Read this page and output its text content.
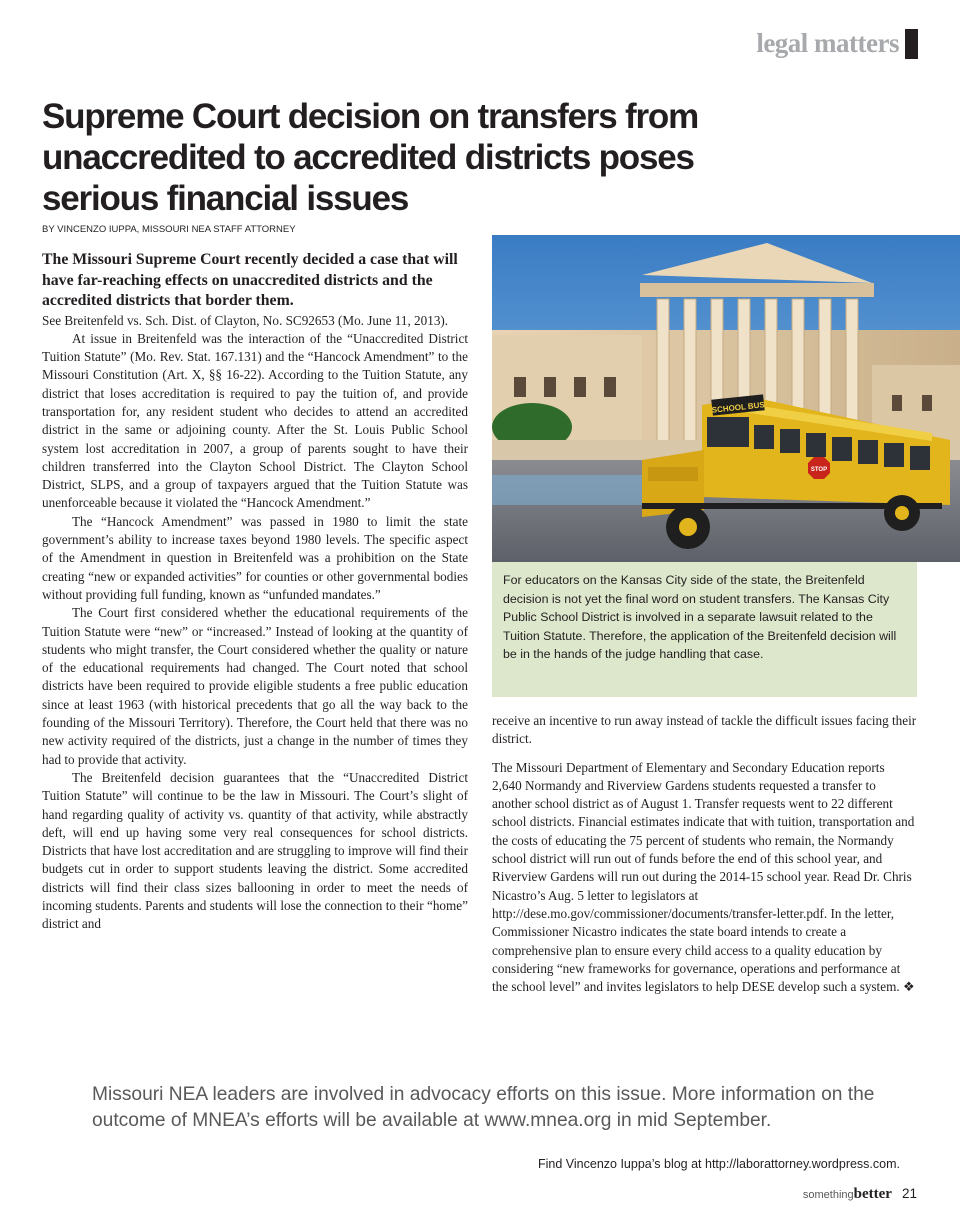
legal matters
Supreme Court decision on transfers from unaccredited to accredited districts poses serious financial issues
BY VINCENZO IUPPA, MISSOURI NEA STAFF ATTORNEY

The Missouri Supreme Court recently decided a case that will have far-reaching effects on unaccredited districts and the accredited districts that border them.

See Breitenfeld vs. Sch. Dist. of Clayton, No. SC92653 (Mo. June 11, 2013).

At issue in Breitenfeld was the interaction of the “Unaccredited District Tuition Statute” (Mo. Rev. Stat. 167.131) and the “Hancock Amendment” to the Missouri Constitution (Art. X, §§ 16-22). According to the Tuition Statute, any district that loses accreditation is required to pay the tuition of, and provide transportation for, any resident student who decides to attend an accredited district in the same or adjoining county. After the St. Louis Public School system lost accreditation in 2007, a group of parents sought to have their children transferred into the Clayton School District. The Clayton School District, SLPS, and a group of taxpayers argued that the Tuition Statute was unenforceable because it violated the “Hancock Amendment.”

The “Hancock Amendment” was passed in 1980 to limit the state government’s ability to increase taxes beyond 1980 levels. The specific aspect of the Amendment in question in Breitenfeld was a prohibition on the State creating “new or expanded activities” for counties or other governmental bodies without providing full funding, known as “unfunded mandates.”

The Court first considered whether the educational requirements of the Tuition Statute were “new” or “increased.” Instead of looking at the quantity of students who might transfer, the Court considered whether the quality or nature of the educational requirements had changed. The Court noted that school districts have been required to provide eligible students a free public education since at least 1963 (with historical precedents that go all the way back to the founding of the Missouri Territory). Therefore, the Court held that there was no new activity required of the districts, just a change in the number of times they had to provide that activity.

The Breitenfeld decision guarantees that the “Unaccredited District Tuition Statute” will continue to be the law in Missouri. The Court’s slight of hand regarding quality of activity vs. quantity of that activity, while abstractly deft, will end up having some very real consequences for school districts. Districts that have lost accreditation and are struggling to improve will find their budgets cut in order to support students leaving the district. Some accredited districts will find their class sizes ballooning in order to meet the needs of incoming students. Parents and students will lose the connection to their “home” district and

SCHOOL BUS
STOP
For educators on the Kansas City side of the state, the Breitenfeld decision is not yet the final word on student transfers. The Kansas City Public School District is involved in a separate lawsuit related to the Tuition Statute. Therefore, the application of the Breitenfeld decision will be in the hands of the judge handling that case.

receive an incentive to run away instead of tackle the difficult issues facing their district.

The Missouri Department of Elementary and Secondary Education reports 2,640 Normandy and Riverview Gardens students requested a transfer to another school district as of August 1. Transfer requests went to 22 different school districts. Financial estimates indicate that with tuition, transportation and the costs of educating the 75 percent of students who remain, the Normandy school district will run out of funds before the end of this school year, and Riverview Gardens will run out during the 2014-15 school year. Read Dr. Chris Nicastro’s Aug. 5 letter to legislators at http://dese.mo.gov/commissioner/documents/transfer-letter.pdf. In the letter, Commissioner Nicastro indicates the state board intends to create a comprehensive plan to ensure every child access to a quality education by considering “new frameworks for governance, operations and performance at the school level” and invites legislators to help DESE develop such a system. ❖

Missouri NEA leaders are involved in advocacy efforts on this issue. More information on the outcome of MNEA’s efforts will be available at www.mnea.org in mid September.
Find Vincenzo Iuppa’s blog at http://laborattorney.wordpress.com.
something better 21
